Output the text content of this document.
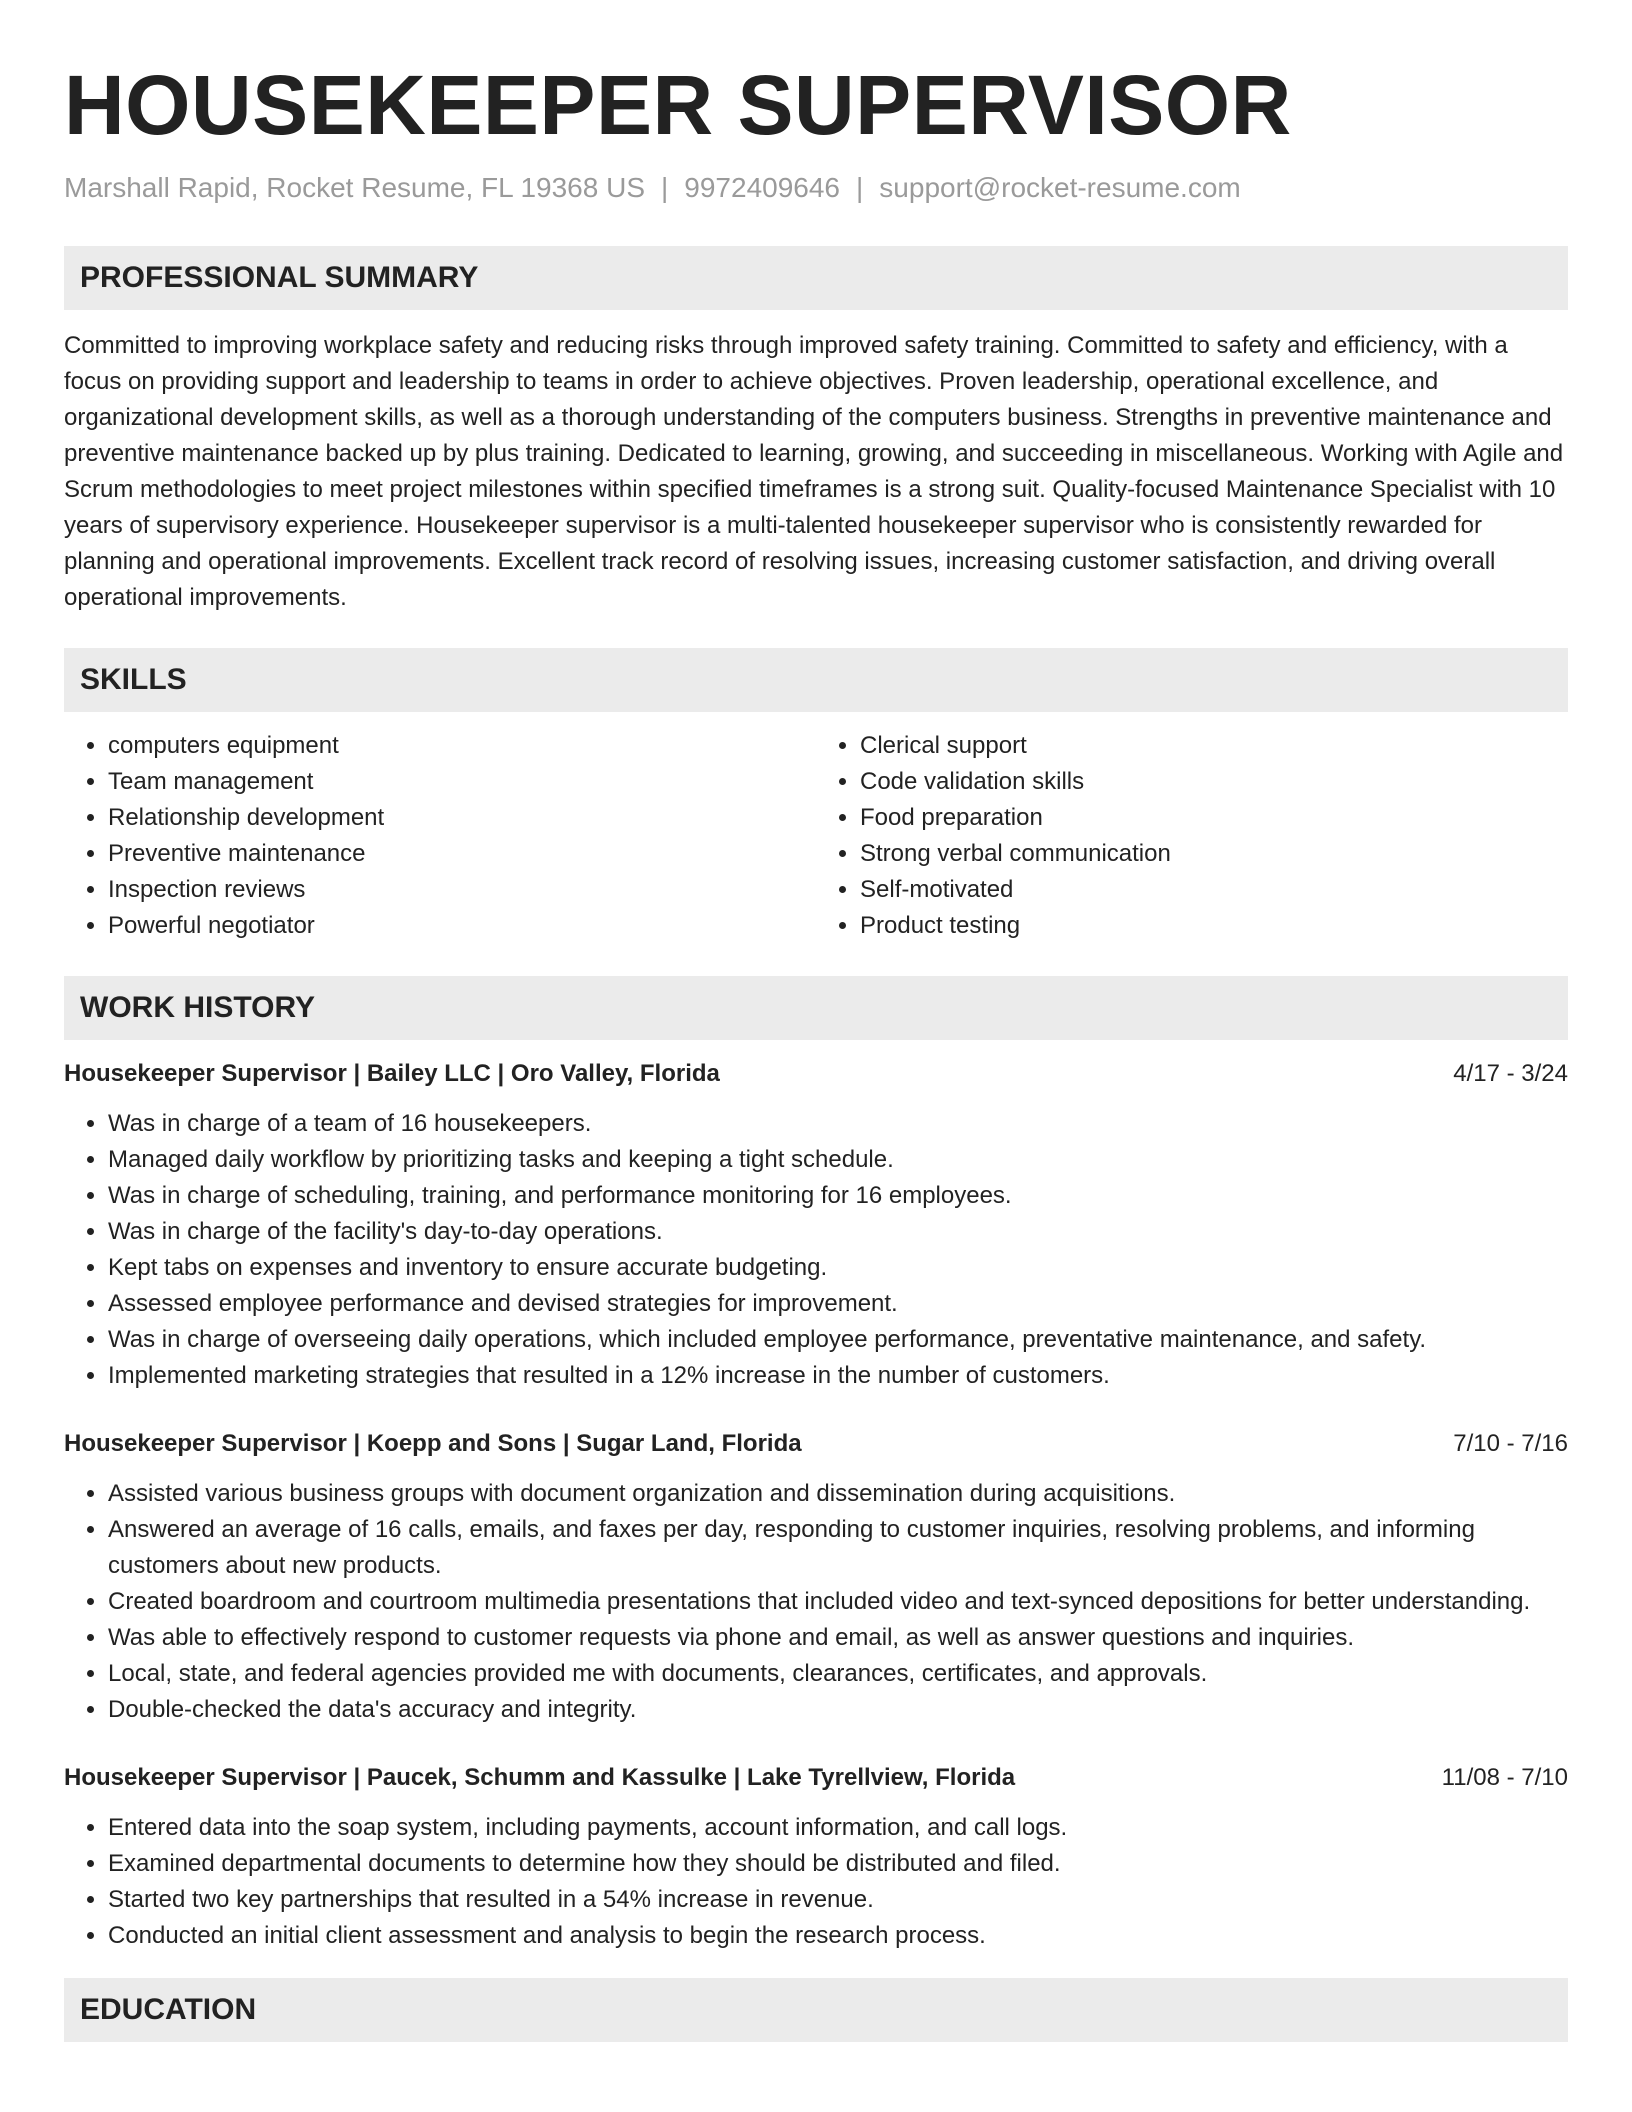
HOUSEKEEPER SUPERVISOR
Marshall Rapid, Rocket Resume, FL 19368 US | 9972409646 | support@rocket-resume.com
PROFESSIONAL SUMMARY
Committed to improving workplace safety and reducing risks through improved safety training. Committed to safety and efficiency, with a focus on providing support and leadership to teams in order to achieve objectives. Proven leadership, operational excellence, and organizational development skills, as well as a thorough understanding of the computers business. Strengths in preventive maintenance and preventive maintenance backed up by plus training. Dedicated to learning, growing, and succeeding in miscellaneous. Working with Agile and Scrum methodologies to meet project milestones within specified timeframes is a strong suit. Quality-focused Maintenance Specialist with 10 years of supervisory experience. Housekeeper supervisor is a multi-talented housekeeper supervisor who is consistently rewarded for planning and operational improvements. Excellent track record of resolving issues, increasing customer satisfaction, and driving overall operational improvements.
SKILLS
• computers equipment
• Team management
• Relationship development
• Preventive maintenance
• Inspection reviews
• Powerful negotiator
• Clerical support
• Code validation skills
• Food preparation
• Strong verbal communication
• Self-motivated
• Product testing
WORK HISTORY
Housekeeper Supervisor | Bailey LLC | Oro Valley, Florida	4/17 - 3/24
• Was in charge of a team of 16 housekeepers.
• Managed daily workflow by prioritizing tasks and keeping a tight schedule.
• Was in charge of scheduling, training, and performance monitoring for 16 employees.
• Was in charge of the facility's day-to-day operations.
• Kept tabs on expenses and inventory to ensure accurate budgeting.
• Assessed employee performance and devised strategies for improvement.
• Was in charge of overseeing daily operations, which included employee performance, preventative maintenance, and safety.
• Implemented marketing strategies that resulted in a 12% increase in the number of customers.
Housekeeper Supervisor | Koepp and Sons | Sugar Land, Florida	7/10 - 7/16
• Assisted various business groups with document organization and dissemination during acquisitions.
• Answered an average of 16 calls, emails, and faxes per day, responding to customer inquiries, resolving problems, and informing customers about new products.
• Created boardroom and courtroom multimedia presentations that included video and text-synced depositions for better understanding.
• Was able to effectively respond to customer requests via phone and email, as well as answer questions and inquiries.
• Local, state, and federal agencies provided me with documents, clearances, certificates, and approvals.
• Double-checked the data's accuracy and integrity.
Housekeeper Supervisor | Paucek, Schumm and Kassulke | Lake Tyrellview, Florida	11/08 - 7/10
• Entered data into the soap system, including payments, account information, and call logs.
• Examined departmental documents to determine how they should be distributed and filed.
• Started two key partnerships that resulted in a 54% increase in revenue.
• Conducted an initial client assessment and analysis to begin the research process.
EDUCATION
